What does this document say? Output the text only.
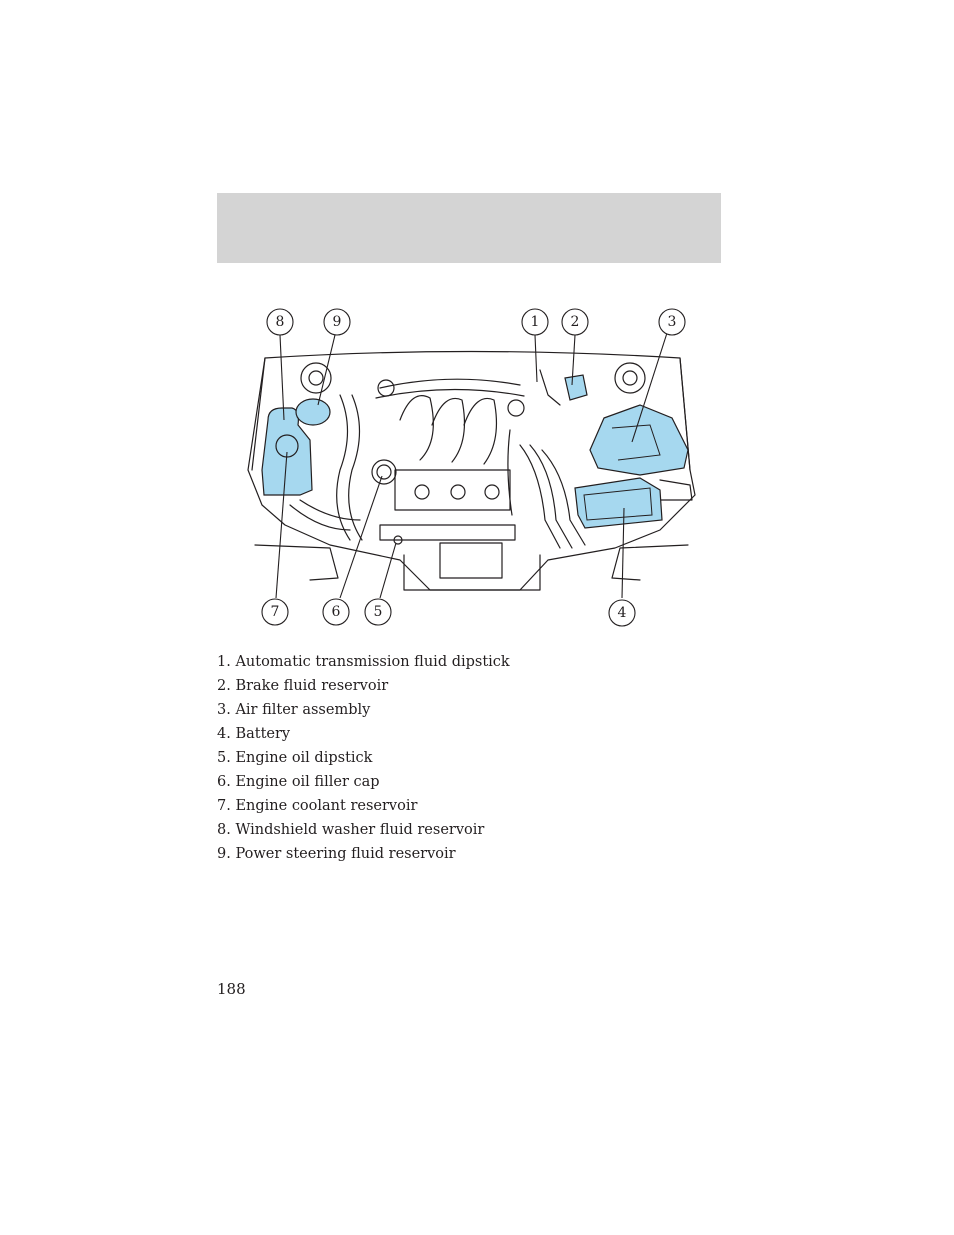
8	9	1 2	3
7	6 5	4
1. Automatic transmission fluid dipstick
2. Brake fluid reservoir
3. Air filter assembly
4. Battery
5. Engine oil dipstick
6. Engine oil filler cap
7. Engine coolant reservoir
8. Windshield washer fluid reservoir
9. Power steering fluid reservoir
188
